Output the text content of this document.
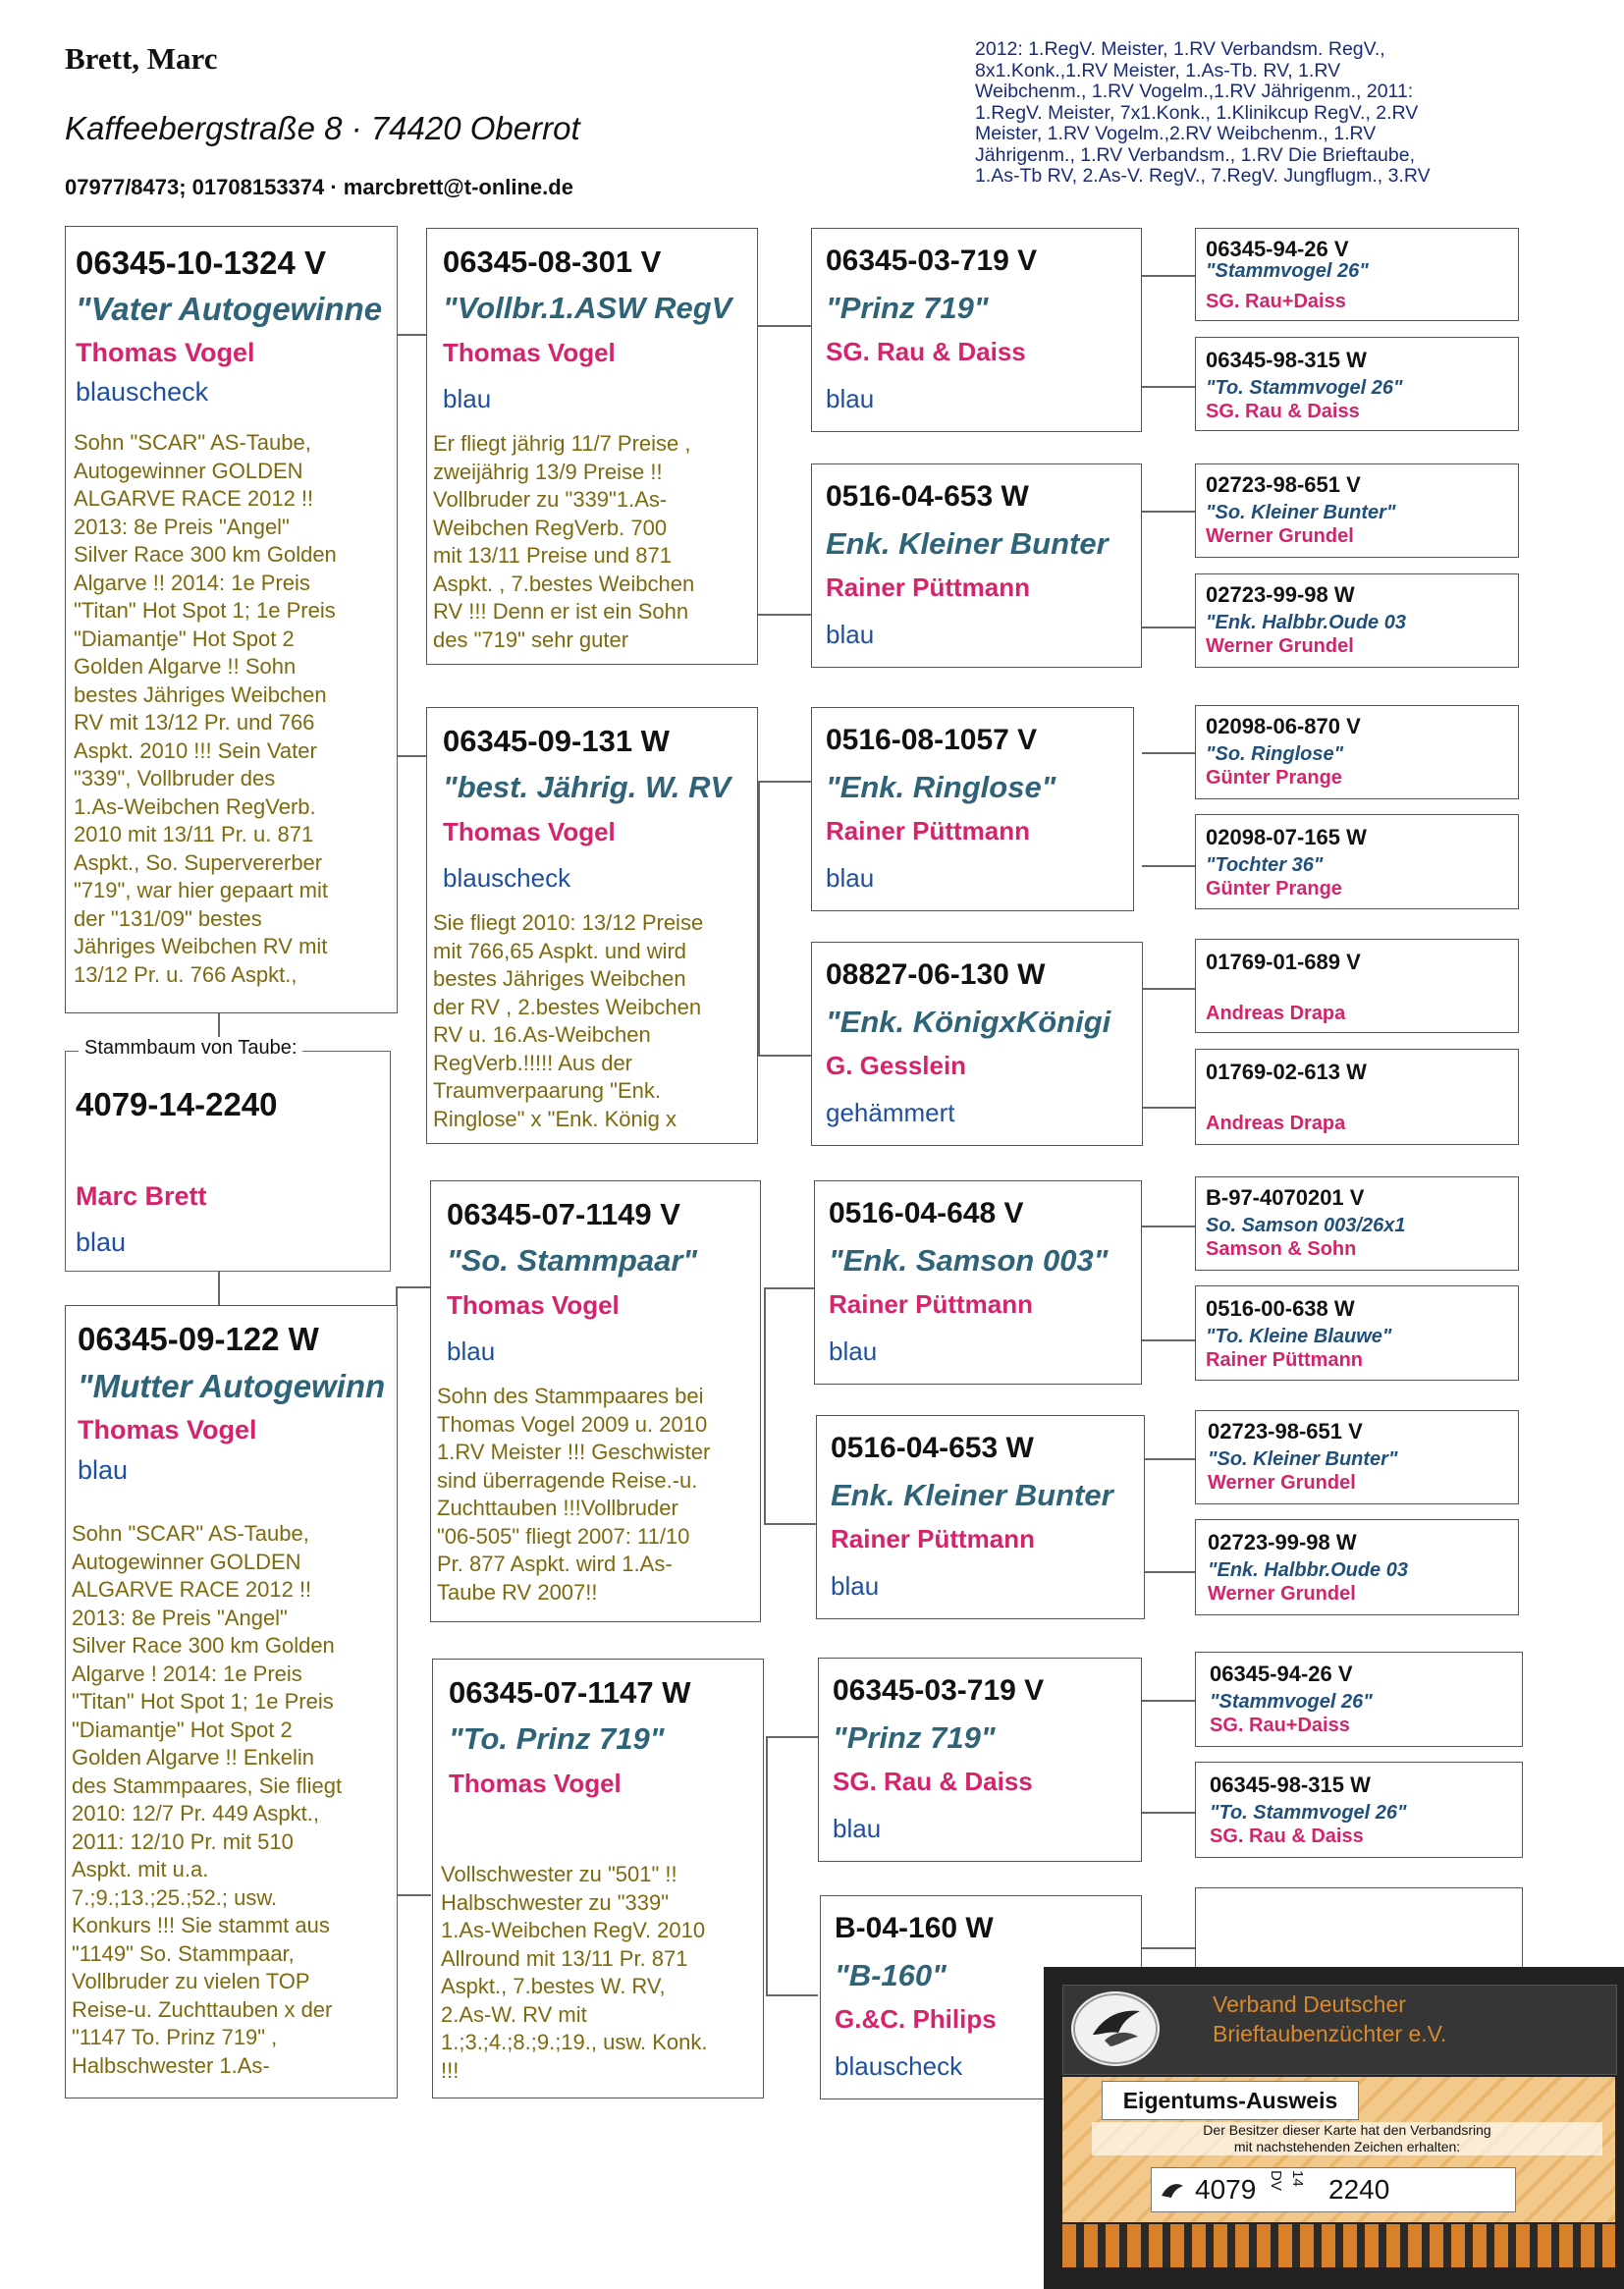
Brett, Marc
Kaffeebergstraße 8 · 74420 Oberrot
07977/8473; 01708153374 · marcbrett@t-online.de
2012: 1.RegV. Meister, 1.RV Verbandsm. RegV.,
8x1.Konk.,1.RV Meister, 1.As-Tb. RV, 1.RV
Weibchenm., 1.RV Vogelm.,1.RV Jährigenm., 2011:
1.RegV. Meister, 7x1.Konk., 1.Klinikcup RegV., 2.RV
Meister, 1.RV Vogelm.,2.RV Weibchenm., 1.RV
Jährigenm., 1.RV Verbandsm., 1.RV Die Brieftaube,
1.As-Tb RV, 2.As-V. RegV., 7.RegV. Jungflugm., 3.RV
06345-10-1324 V
"Vater Autogewinne
Thomas Vogel
blauscheck
Sohn "SCAR" AS-Taube,
Autogewinner GOLDEN
ALGARVE RACE 2012 !!
2013: 8e Preis "Angel"
Silver Race 300 km Golden
Algarve !! 2014: 1e Preis
"Titan" Hot Spot 1; 1e Preis
"Diamantje" Hot Spot 2
Golden Algarve !! Sohn
bestes Jähriges Weibchen
RV mit 13/12 Pr. und 766
Aspkt. 2010 !!! Sein Vater
"339", Vollbruder des
1.As-Weibchen RegVerb.
2010 mit 13/11 Pr. u. 871
Aspkt., So. Supervererber
"719", war hier gepaart mit
der "131/09" bestes
Jähriges Weibchen RV mit
13/12 Pr. u. 766 Aspkt.,
4079-14-2240
Marc Brett
blau
Stammbaum von Taube:
06345-09-122 W
"Mutter Autogewinn
Thomas Vogel
blau
Sohn "SCAR" AS-Taube,
Autogewinner GOLDEN
ALGARVE RACE 2012 !!
2013: 8e Preis "Angel"
Silver Race 300 km Golden
Algarve ! 2014: 1e Preis
"Titan" Hot Spot 1; 1e Preis
"Diamantje" Hot Spot 2
Golden Algarve !! Enkelin
des Stammpaares, Sie fliegt
2010: 12/7 Pr. 449 Aspkt.,
2011: 12/10 Pr. mit 510
Aspkt. mit u.a.
7.;9.;13.;25.;52.; usw.
Konkurs !!! Sie stammt aus
"1149" So. Stammpaar,
Vollbruder zu vielen TOP
Reise-u. Zuchttauben x der
"1147 To. Prinz 719" ,
Halbschwester 1.As-
06345-08-301 V
"Vollbr.1.ASW RegV
Thomas Vogel
blau
Er fliegt jährig 11/7 Preise ,
zweijährig 13/9 Preise !!
Vollbruder zu "339"1.As-
Weibchen RegVerb. 700
mit 13/11 Preise und 871
Aspkt. , 7.bestes Weibchen
RV !!! Denn er ist ein Sohn
des "719" sehr guter
06345-09-131 W
"best. Jährig. W. RV
Thomas Vogel
blauscheck
Sie fliegt 2010: 13/12 Preise
mit 766,65 Aspkt. und wird
bestes Jähriges Weibchen
der RV , 2.bestes Weibchen
RV u. 16.As-Weibchen
RegVerb.!!!!! Aus der
Traumverpaarung "Enk.
Ringlose" x "Enk. König x
06345-07-1149 V
"So. Stammpaar"
Thomas Vogel
blau
Sohn des Stammpaares bei
Thomas Vogel 2009 u. 2010
1.RV Meister !!! Geschwister
sind überragende Reise.-u.
Zuchttauben !!!Vollbruder
"06-505" fliegt 2007: 11/10
Pr. 877 Aspkt. wird 1.As-
Taube RV 2007!!
06345-07-1147 W
"To. Prinz 719"
Thomas Vogel
Vollschwester zu "501" !!
Halbschwester zu "339"
1.As-Weibchen RegV. 2010
Allround mit 13/11 Pr. 871
Aspkt., 7.bestes W. RV,
2.As-W. RV mit
1.;3.;4.;8.;9.;19., usw. Konk.
!!!
06345-03-719 V
"Prinz 719"
SG. Rau & Daiss
blau
0516-04-653 W
Enk. Kleiner Bunter
Rainer Püttmann
blau
0516-08-1057 V
"Enk. Ringlose"
Rainer Püttmann
blau
08827-06-130 W
"Enk. KönigxKönigi
G. Gesslein
gehämmert
0516-04-648 V
"Enk. Samson 003"
Rainer Püttmann
blau
0516-04-653 W
Enk. Kleiner Bunter
Rainer Püttmann
blau
06345-03-719 V
"Prinz 719"
SG. Rau & Daiss
blau
B-04-160 W
"B-160"
G.&C. Philips
blauscheck
06345-94-26 V
"Stammvogel 26"
SG. Rau+Daiss
06345-98-315 W
"To. Stammvogel 26"
SG. Rau & Daiss
02723-98-651 V
"So. Kleiner Bunter"
Werner Grundel
02723-99-98 W
"Enk. Halbbr.Oude 03
Werner Grundel
02098-06-870 V
"So. Ringlose"
Günter Prange
02098-07-165 W
"Tochter 36"
Günter Prange
01769-01-689 V
Andreas Drapa
01769-02-613 W
Andreas Drapa
B-97-4070201 V
So. Samson 003/26x1
Samson & Sohn
0516-00-638 W
"To. Kleine Blauwe"
Rainer Püttmann
02723-98-651 V
"So. Kleiner Bunter"
Werner Grundel
02723-99-98 W
"Enk. Halbbr.Oude 03
Werner Grundel
06345-94-26 V
"Stammvogel 26"
SG. Rau+Daiss
06345-98-315 W
"To. Stammvogel 26"
SG. Rau & Daiss
Verband Deutscher
Brieftaubenzüchter e.V.
Eigentums-Ausweis
Der Besitzer dieser Karte hat den Verbandsring
mit nachstehenden Zeichen erhalten:
4079 DV 14 2240
